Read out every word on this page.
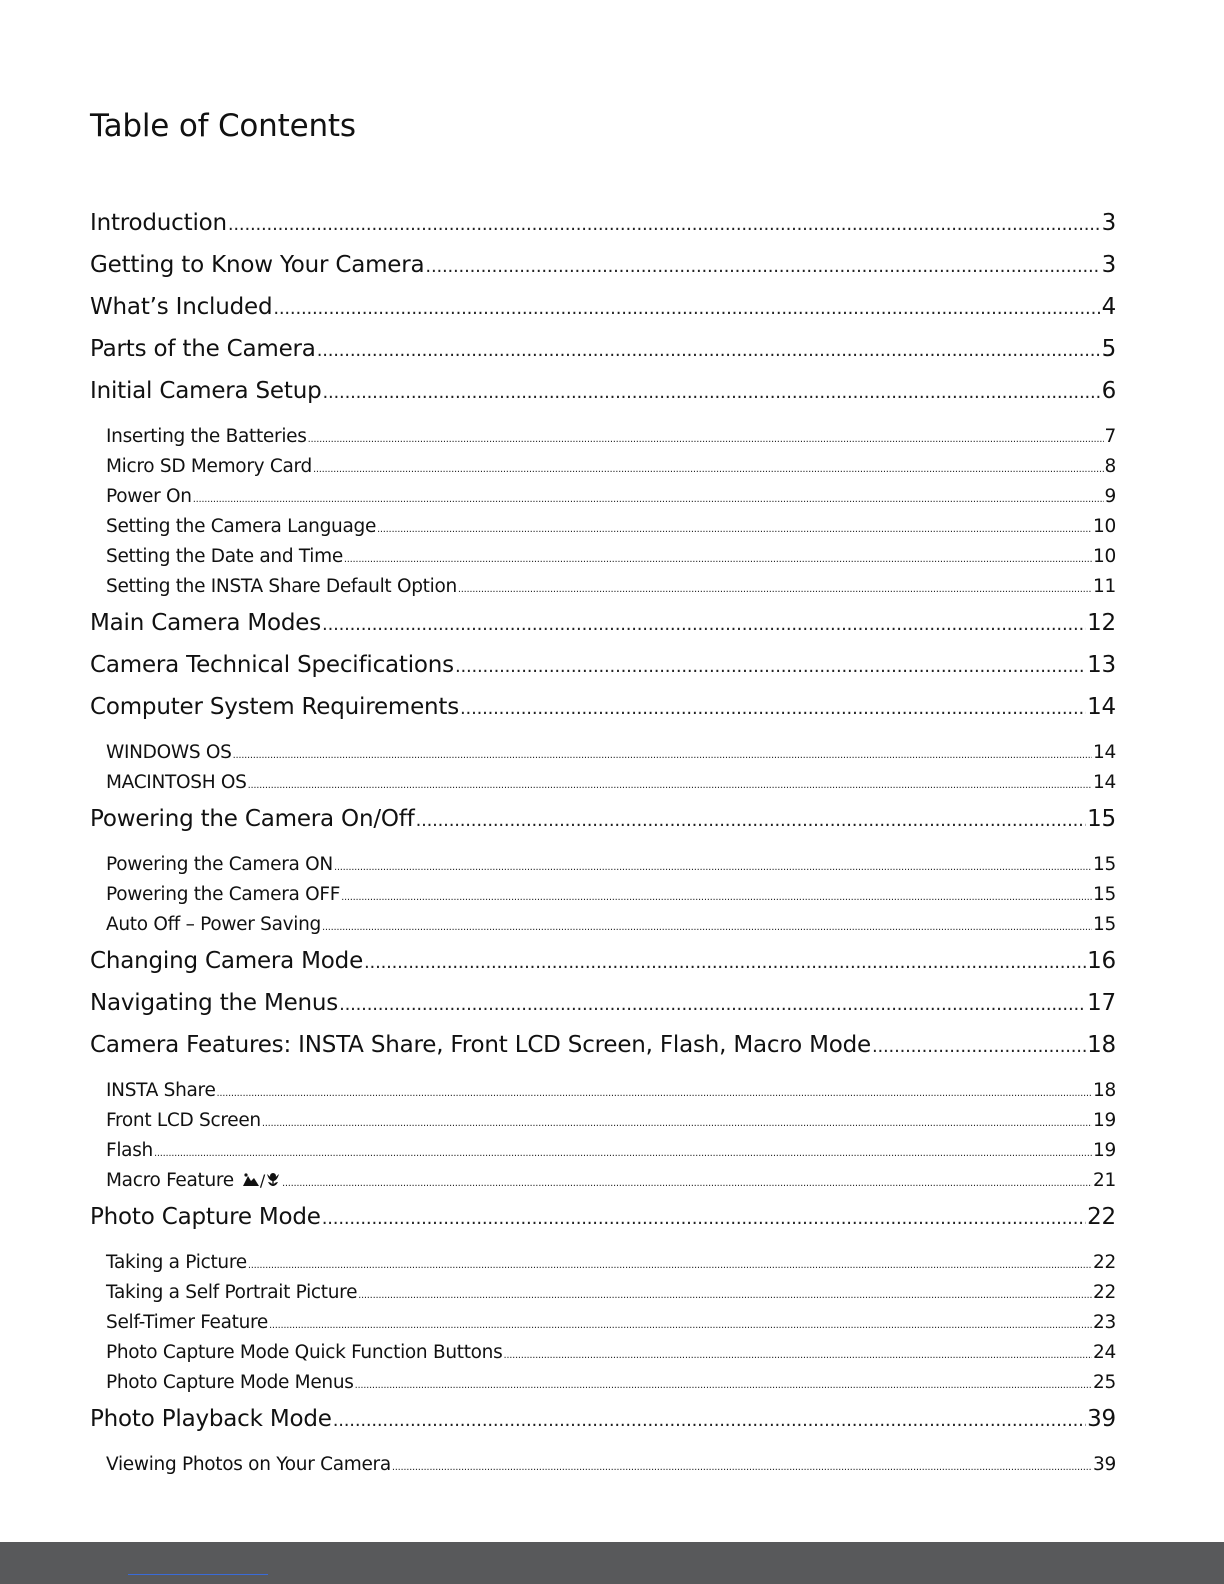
Table of Contents
Introduction .....	3
Getting to Know Your Camera .....	3
What’s Included .....	4
Parts of the Camera .....	5
Initial Camera Setup .....	6
Inserting the Batteries .....	7
Micro SD Memory Card .....	8
Power On .....	9
Setting the Camera Language .....	10
Setting the Date and Time .....	10
Setting the INSTA Share Default Option .....	11
Main Camera Modes .....	12
Camera Technical Specifications .....	13
Computer System Requirements .....	14
WINDOWS OS .....	14
MACINTOSH OS .....	14
Powering the Camera On/Off .....	15
Powering the Camera ON .....	15
Powering the Camera OFF .....	15
Auto Off – Power Saving .....	15
Changing Camera Mode .....	16
Navigating the Menus .....	17
Camera Features: INSTA Share, Front LCD Screen, Flash, Macro Mode .....	18
INSTA Share .....	18
Front LCD Screen .....	19
Flash .....	19
Macro Feature	/ .....	21
Photo Capture Mode .....	22
Taking a Picture .....	22
Taking a Self Portrait Picture .....	22
Self-Timer Feature .....	23
Photo Capture Mode Quick Function Buttons .....	24
Photo Capture Mode Menus .....	25
Photo Playback Mode .....	39
Viewing Photos on Your Camera .....	39
